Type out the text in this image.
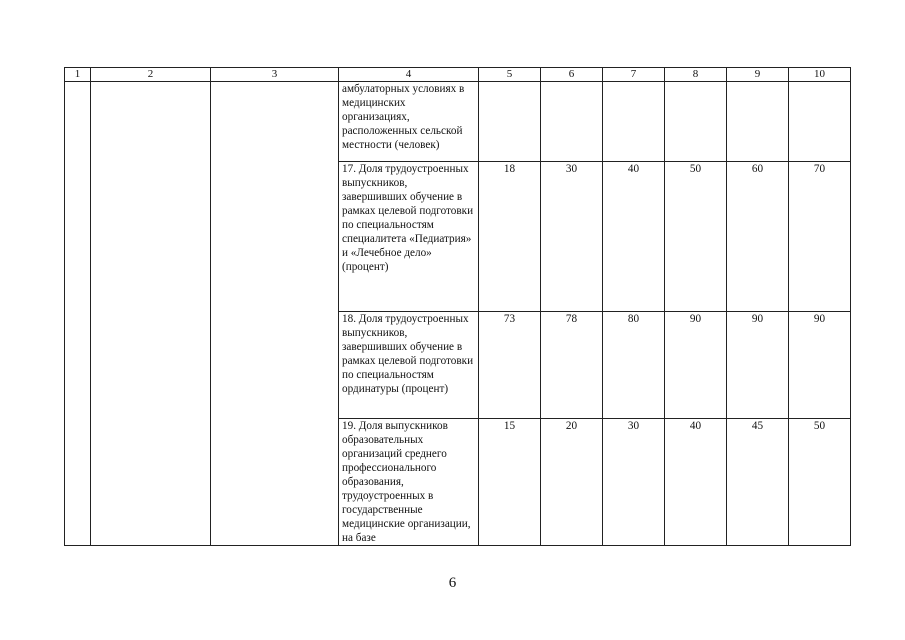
1	2	3	4	5	6	7	8	9	10
			амбулаторных условиях в медицинских организациях, расположенных сельской местности (человек)						
			17. Доля трудоустроенных выпускников, завершивших обучение в рамках целевой подготовки по специальностям специалитета «Педиатрия» и «Лечебное дело» (процент)	18	30	40	50	60	70
			18. Доля трудоустроенных выпускников, завершивших обучение в рамках целевой подготовки по специальностям ординатуры (процент)	73	78	80	90	90	90
			19. Доля выпускников образовательных организаций среднего профессионального образования, трудоустроенных в государственные медицинские организации, на базе	15	20	30	40	45	50
6
